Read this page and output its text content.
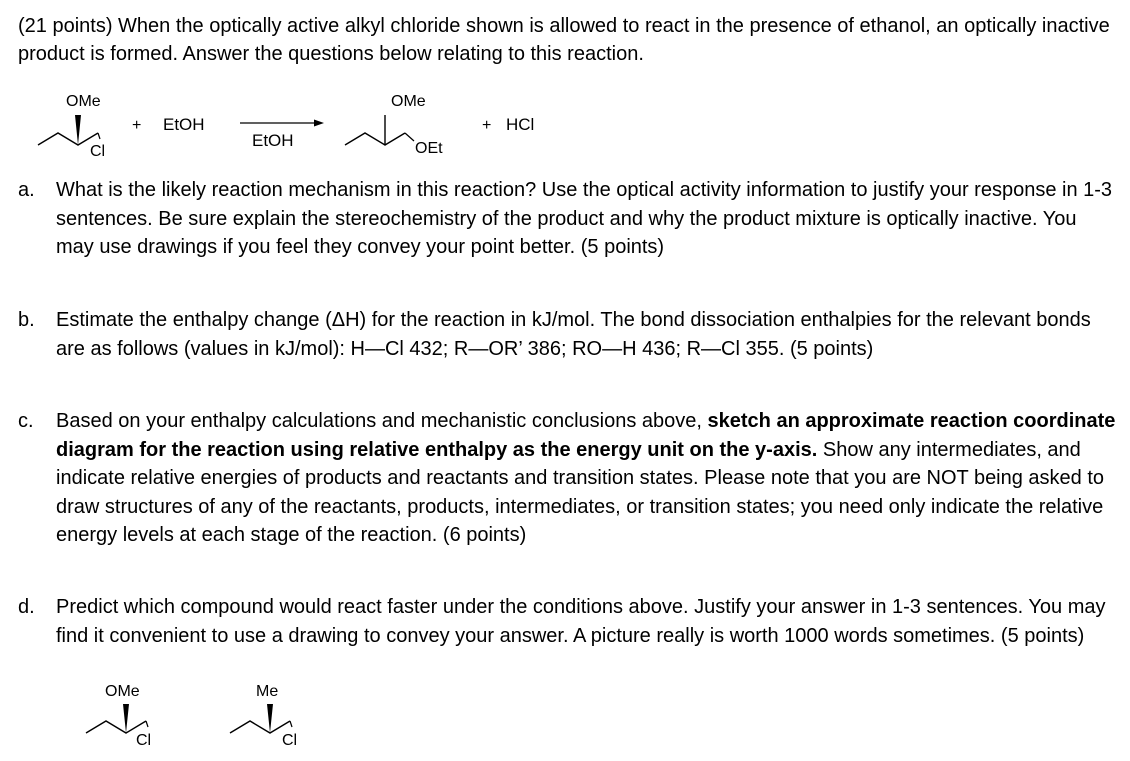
(21 points) When the optically active alkyl chloride shown is allowed to react in the presence of ethanol, an optically inactive product is formed. Answer the questions below relating to this reaction.
OMe
Cl
+ EtOH
EtOH
OMe
OEt
+ HCl
a. What is the likely reaction mechanism in this reaction? Use the optical activity information to justify your response in 1-3 sentences. Be sure explain the stereochemistry of the product and why the product mixture is optically inactive. You may use drawings if you feel they convey your point better. (5 points)
b. Estimate the enthalpy change (ΔH) for the reaction in kJ/mol. The bond dissociation enthalpies for the relevant bonds are as follows (values in kJ/mol): H—Cl 432; R—OR’ 386; RO—H 436; R—Cl 355. (5 points)
c. Based on your enthalpy calculations and mechanistic conclusions above, sketch an approximate reaction coordinate diagram for the reaction using relative enthalpy as the energy unit on the y-axis. Show any intermediates, and indicate relative energies of products and reactants and transition states. Please note that you are NOT being asked to draw structures of any of the reactants, products, intermediates, or transition states; you need only indicate the relative energy levels at each stage of the reaction. (6 points)
d. Predict which compound would react faster under the conditions above. Justify your answer in 1-3 sentences. You may find it convenient to use a drawing to convey your answer. A picture really is worth 1000 words sometimes. (5 points)
OMe
Cl
Me
Cl
